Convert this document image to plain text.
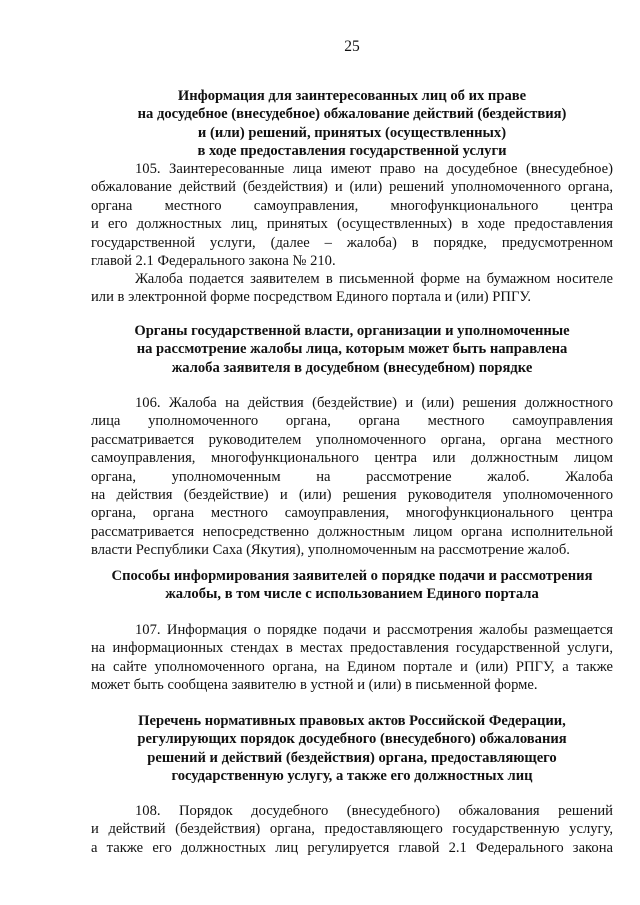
25
Информация для заинтересованных лиц об их праве
на досудебное (внесудебное) обжалование действий (бездействия)
и (или) решений, принятых (осуществленных)
в ходе предоставления государственной услуги
105. Заинтересованные лица имеют право на досудебное (внесудебное)
обжалование действий (бездействия) и (или) решений уполномоченного органа,
органа местного самоуправления, многофункционального центра
и его должностных лиц, принятых (осуществленных) в ходе предоставления
государственной услуги, (далее – жалоба) в порядке, предусмотренном
главой 2.1 Федерального закона № 210.
Жалоба подается заявителем в письменной форме на бумажном носителе
или в электронной форме посредством Единого портала и (или) РПГУ.
Органы государственной власти, организации и уполномоченные
на рассмотрение жалобы лица, которым может быть направлена
жалоба заявителя в досудебном (внесудебном) порядке
106. Жалоба на действия (бездействие) и (или) решения должностного
лица уполномоченного органа, органа местного самоуправления
рассматривается руководителем уполномоченного органа, органа местного
самоуправления, многофункционального центра или должностным лицом
органа, уполномоченным на рассмотрение жалоб. Жалоба
на действия (бездействие) и (или) решения руководителя уполномоченного
органа, органа местного самоуправления, многофункционального центра
рассматривается непосредственно должностным лицом органа исполнительной
власти Республики Саха (Якутия), уполномоченным на рассмотрение жалоб.
Способы информирования заявителей о порядке подачи и рассмотрения
жалобы, в том числе с использованием Единого портала
107. Информация о порядке подачи и рассмотрения жалобы размещается
на информационных стендах в местах предоставления государственной услуги,
на сайте уполномоченного органа, на Едином портале и (или) РПГУ, а также
может быть сообщена заявителю в устной и (или) в письменной форме.
Перечень нормативных правовых актов Российской Федерации,
регулирующих порядок досудебного (внесудебного) обжалования
решений и действий (бездействия) органа, предоставляющего
государственную услугу, а также его должностных лиц
108. Порядок досудебного (внесудебного) обжалования решений
и действий (бездействия) органа, предоставляющего государственную услугу,
а также его должностных лиц регулируется главой 2.1 Федерального закона
